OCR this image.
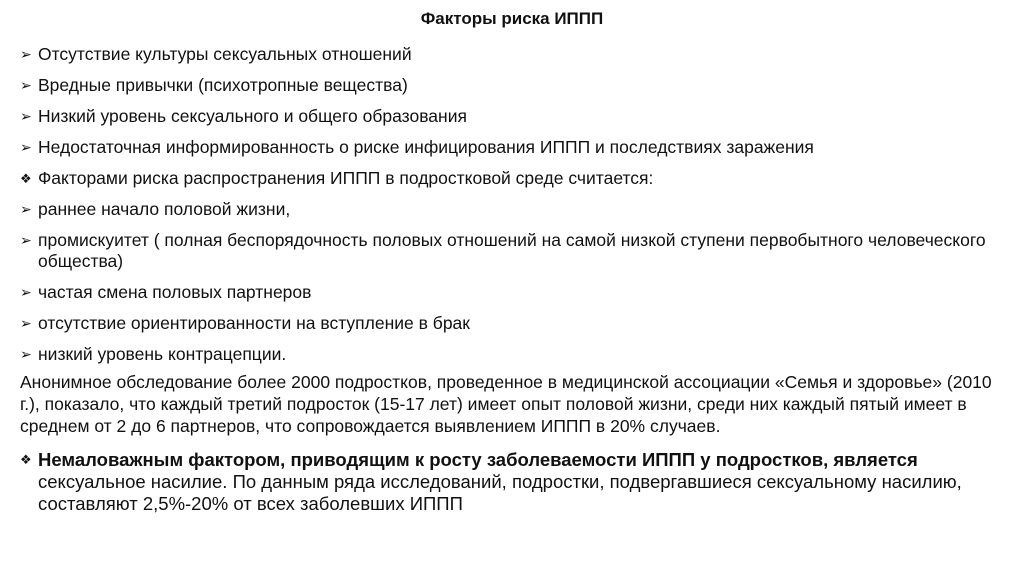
Факторы риска ИППП
➢ Отсутствие культуры сексуальных отношений
➢ Вредные привычки (психотропные вещества)
➢ Низкий уровень сексуального и общего образования
➢ Недостаточная информированность о риске инфицирования ИППП и последствиях заражения
❖ Факторами риска распространения ИППП в подростковой среде считается:
➢ раннее начало половой жизни,
➢ промискуитет ( полная беспорядочность половых отношений на самой низкой ступени первобытного человеческого общества)
➢ частая смена половых партнеров
➢ отсутствие ориентированности на вступление в брак
➢ низкий уровень контрацепции.

Анонимное обследование более 2000 подростков, проведенное в медицинской ассоциации «Семья и здоровье» (2010 г.), показало, что каждый третий подросток (15-17 лет) имеет опыт половой жизни, среди них каждый пятый имеет в среднем от 2 до 6 партнеров, что сопровождается выявлением ИППП в 20% случаев.

❖ Немаловажным фактором, приводящим к росту заболеваемости ИППП у подростков, является
сексуальное насилие. По данным ряда исследований, подростки, подвергавшиеся сексуальному насилию, составляют 2,5%-20% от всех заболевших ИППП
